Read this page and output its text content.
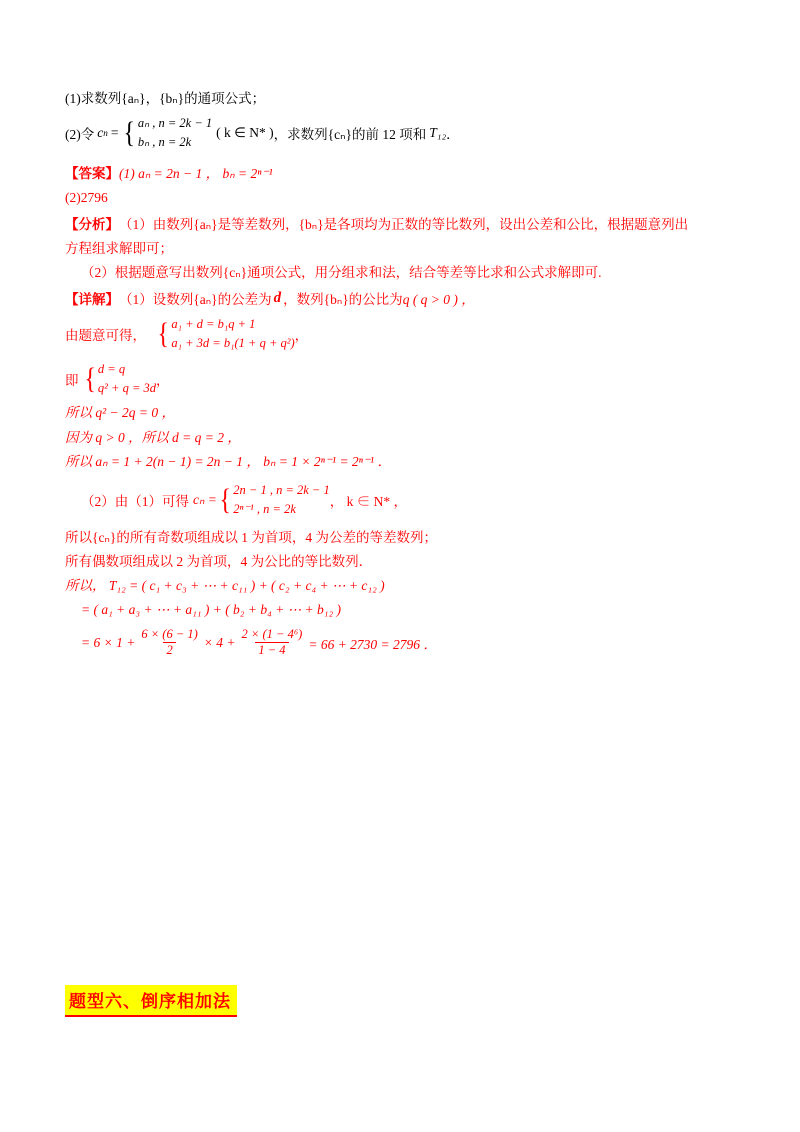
(1)求数列{aₙ}，{bₙ}的通项公式；

(2)令 c n = { aₙ , n = 2k − 1
bₙ , n = 2k
( k ∈ N* ) ，求数列{cₙ}的前 12 项和 T₁₂ ．
【答案】 (1) aₙ = 2n − 1 ， bₙ = 2ⁿ⁻¹

(2)2796

【分析】 （1）由数列{aₙ}是等差数列，{bₙ}是各项均为正数的等比数列，设出公差和公比，根据题意列出

方程组求解即可；

（2）根据题意写出数列{cₙ}通项公式，用分组求和法，结合等差等比求和公式求解即可.

【详解】 （1）设数列{aₙ}的公差为 d ，数列{bₙ}的公比为 q ( q > 0 ) ，
由题意可得， { a₁ + d = b₁q + 1
a₁ + 3d = b₁(1 + q + q²) ，
即 { d = q
q² + q = 3d ，

所以 q² − 2q = 0 ，

因为 q > 0 ，所以 d = q = 2 ，

所以 aₙ = 1 + 2(n − 1) = 2n − 1 ， bₙ = 1 × 2ⁿ⁻¹ = 2ⁿ⁻¹ ．

（2）由（1）可得 cₙ = { 2n − 1 , n = 2k − 1
2ⁿ⁻¹ , n = 2k	， k ∈ N* ，

所以{cₙ}的所有奇数项组成以 1 为首项，4 为公差的等差数列；

所有偶数项组成以 2 为首项，4 为公比的等比数列．

所以， T₁₂ = ( c₁ + c₃ + ⋯ + c₁₁ ) + ( c₂ + c₄ + ⋯ + c₁₂ )

= ( a₁ + a₃ + ⋯ + a₁₁ ) + ( b₂ + b₄ + ⋯ + b₁₂ )

= $6 \times 1 + \frac{6 \times (6 - 1)}{2} \times 4 + \frac{\text{2 × (1 − 4⁶)}}{1 - 4} = 66 + 2730 = 2796$ ．
题型六、倒序相加法
